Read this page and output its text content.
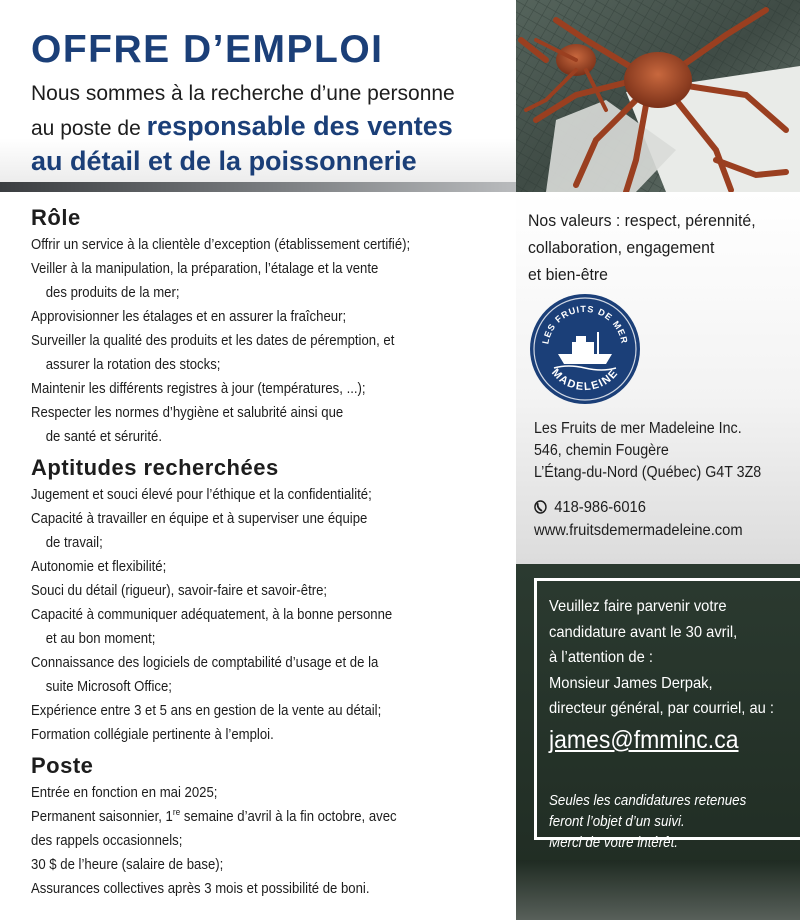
OFFRE D’EMPLOI
Nous sommes à la recherche d’une personne
au poste de responsable des ventes
au détail et de la poissonnerie
Rôle
Offrir un service à la clientèle d’exception (établissement certifié);
Veiller à la manipulation, la préparation, l’étalage et la vente
des produits de la mer;
Approvisionner les étalages et en assurer la fraîcheur;
Surveiller la qualité des produits et les dates de péremption, et
assurer la rotation des stocks;
Maintenir les différents registres à jour (températures, ...);
Respecter les normes d’hygiène et salubrité ainsi que
de santé et sérurité.
Aptitudes recherchées
Jugement et souci élevé pour l’éthique et la confidentialité;
Capacité à travailler en équipe et à superviser une équipe
de travail;
Autonomie et flexibilité;
Souci du détail (rigueur), savoir-faire et savoir-être;
Capacité à communiquer adéquatement, à la bonne personne
et au bon moment;
Connaissance des logiciels de comptabilité d’usage et de la
suite Microsoft Office;
Expérience entre 3 et 5 ans en gestion de la vente au détail;
Formation collégiale pertinente à l’emploi.
Poste
Entrée en fonction en mai 2025;
Permanent saisonnier, 1re semaine d’avril à la fin octobre, avec
des rappels occasionnels;
30 $ de l’heure (salaire de base);
Assurances collectives après 3 mois et possibilité de boni.
Nos valeurs : respect, pérennité,
collaboration, engagement
et bien-être
LES FRUITS DE MER
MADELEINE
Les Fruits de mer Madeleine Inc.
546, chemin Fougère
L’Étang-du-Nord (Québec) G4T 3Z8
418-986-6016
www.fruitsdemermadeleine.com
Veuillez faire parvenir votre
candidature avant le 30 avril,
à l’attention de :
Monsieur James Derpak,
directeur général, par courriel, au :
james@fmminc.ca
Seules les candidatures retenues
feront l’objet d’un suivi.
Merci de votre intérêt.
